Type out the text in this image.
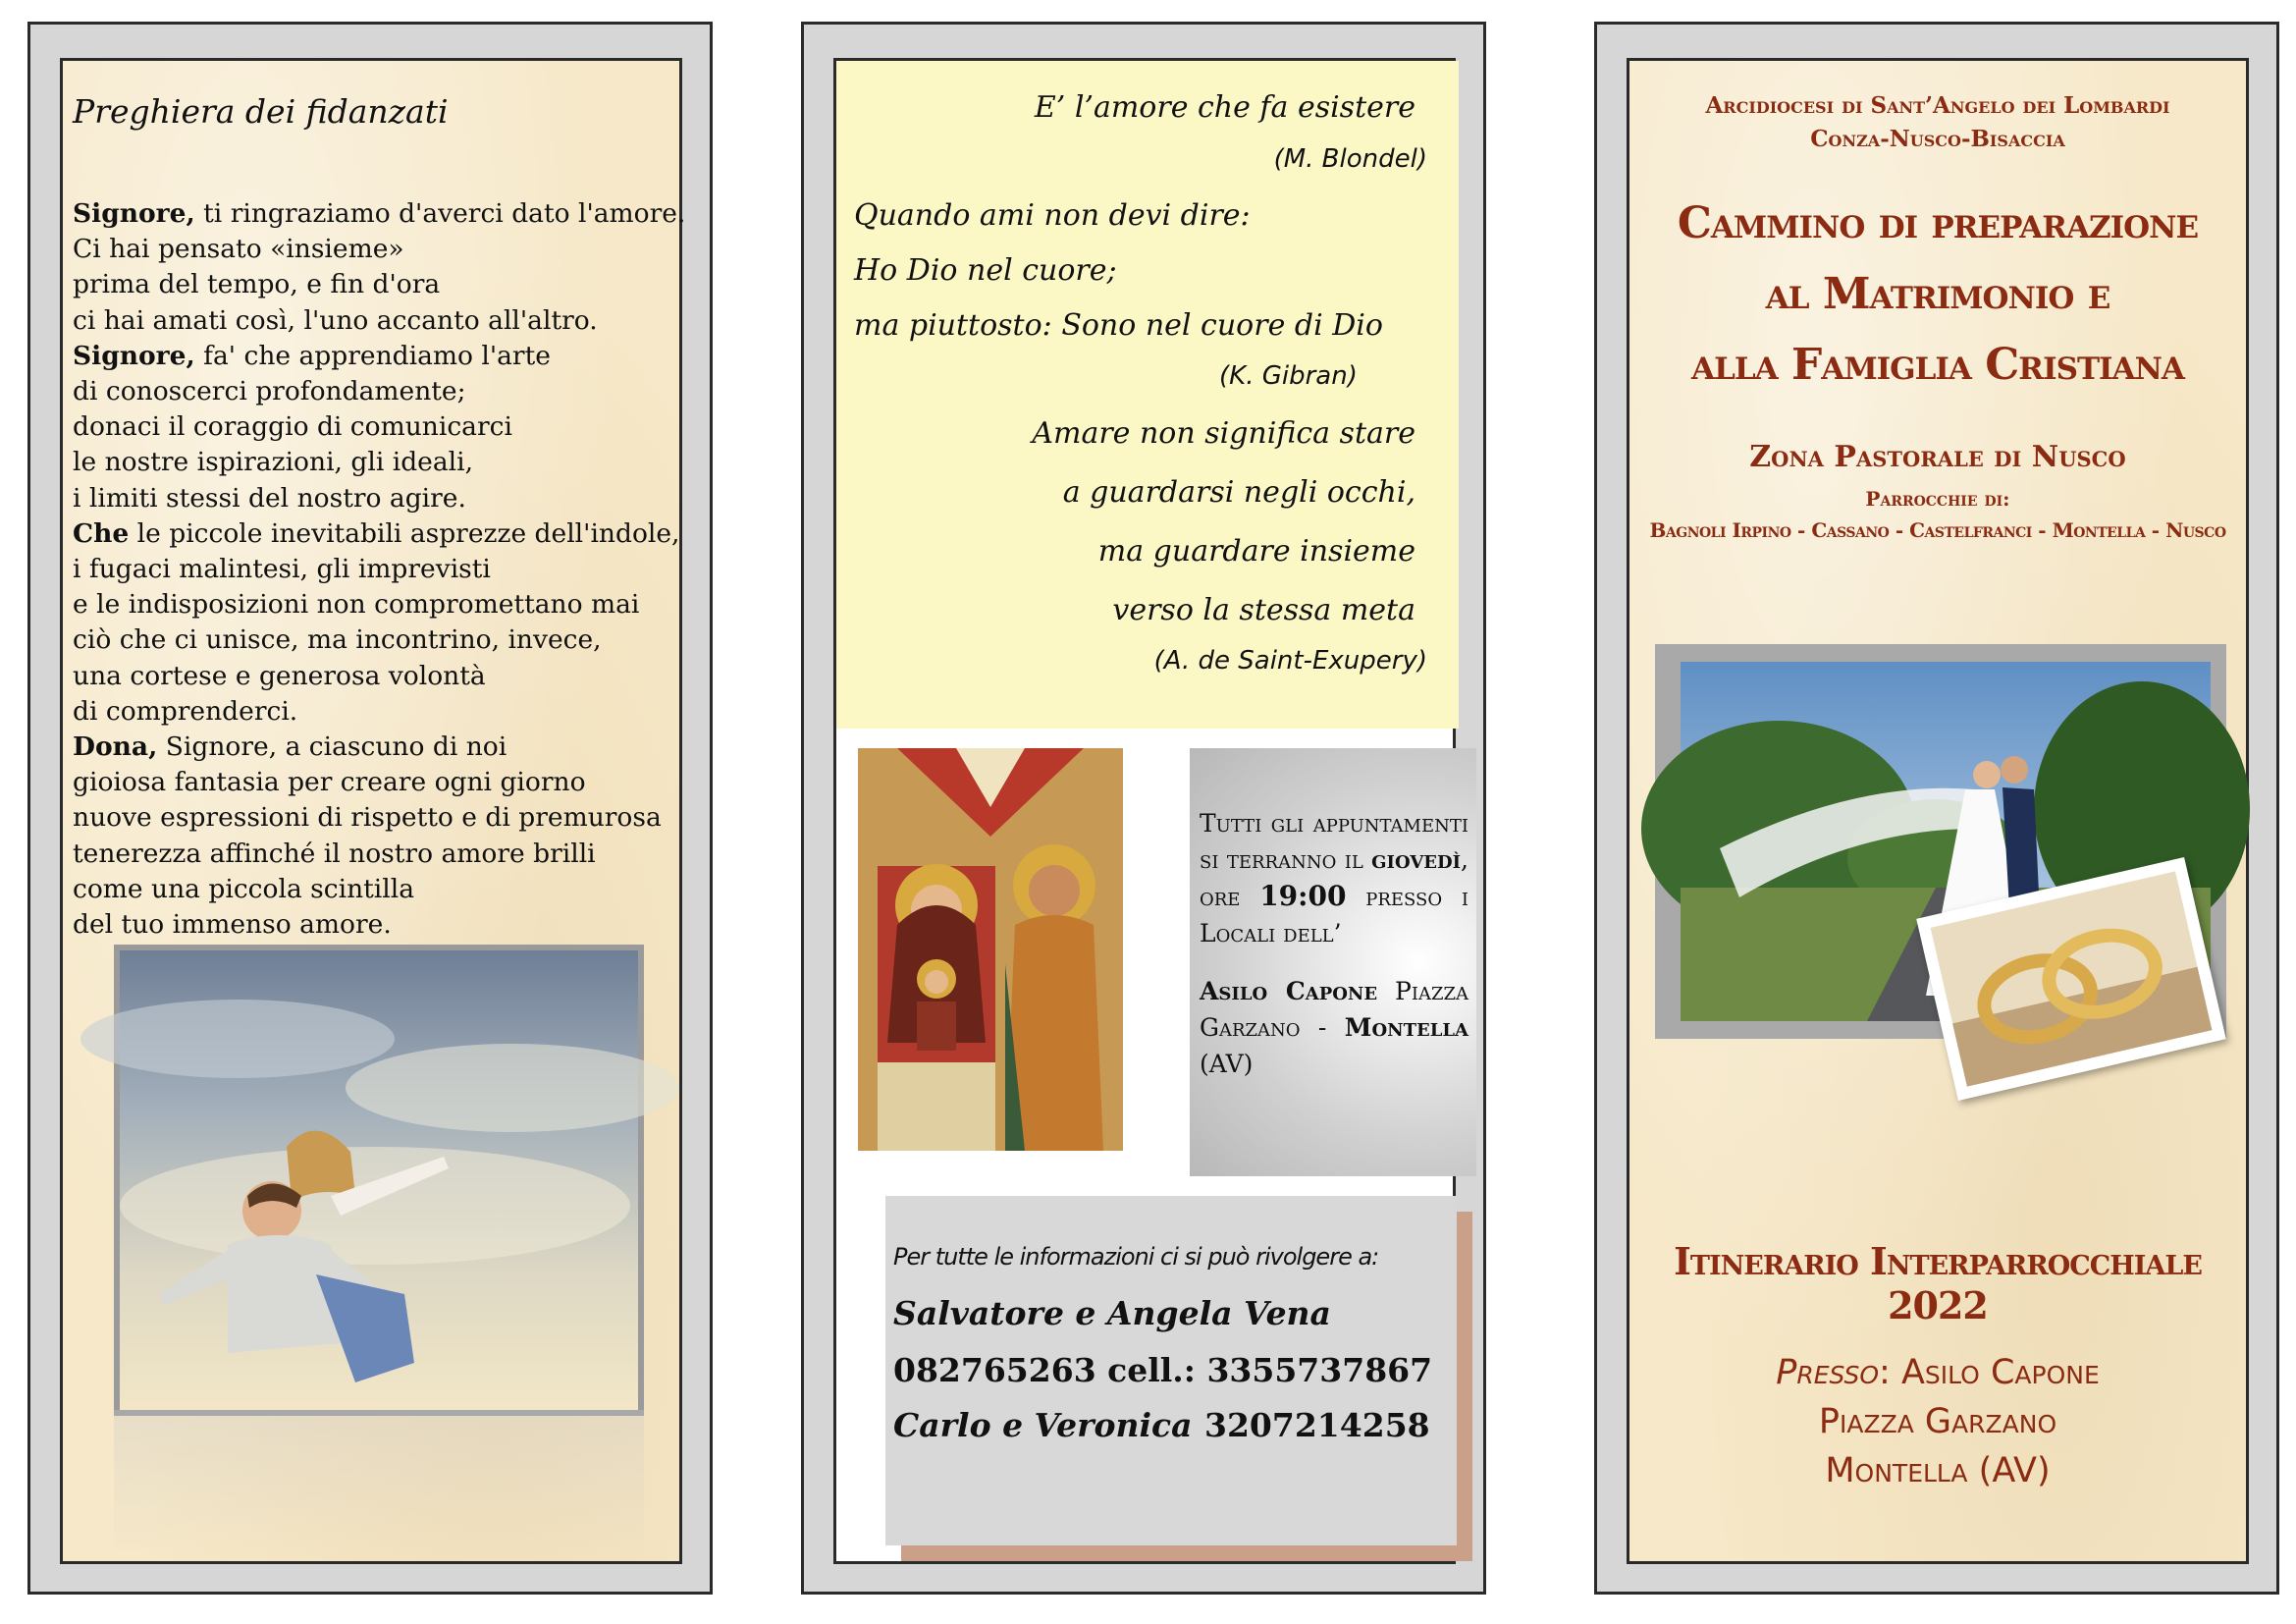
Preghiera dei fidanzati
Signore, ti ringraziamo d'averci dato l'amore.
Ci hai pensato «insieme»
prima del tempo, e fin d'ora
ci hai amati così, l'uno accanto all'altro.
Signore, fa' che apprendiamo l'arte
di conoscerci profondamente;
donaci il coraggio di comunicarci
le nostre ispirazioni, gli ideali,
i limiti stessi del nostro agire.
Che le piccole inevitabili asprezze dell'indole,
i fugaci malintesi, gli imprevisti
e le indisposizioni non compromettano mai
ciò che ci unisce, ma incontrino, invece,
una cortese e generosa volontà
di comprenderci.
Dona, Signore, a ciascuno di noi
gioiosa fantasia per creare ogni giorno
nuove espressioni di rispetto e di premurosa
tenerezza affinché il nostro amore brilli
come una piccola scintilla
del tuo immenso amore.
E’ l’amore che fa esistere
(M. Blondel)
Quando ami non devi dire:
Ho Dio nel cuore;
ma piuttosto: Sono nel cuore di Dio
(K. Gibran)
Amare non significa stare
a guardarsi negli occhi,
ma guardare insieme
verso la stessa meta
(A. de Saint-Exupery)
Tutti gli appuntamenti si terranno il giovedì, ore 19:00 presso i Locali dell’
Asilo Capone Piazza Garzano - Montella (AV)
Per tutte le informazioni ci si può rivolgere a:
Salvatore e Angela Vena
082765263 cell.: 3355737867
Carlo e Veronica 3207214258
Arcidiocesi di Sant’Angelo dei Lombardi
Conza-Nusco-Bisaccia
Cammino di preparazione
al Matrimonio e
alla Famiglia Cristiana
Zona Pastorale di Nusco
Parrocchie di:
Bagnoli Irpino - Cassano - Castelfranci - Montella - Nusco
Itinerario Interparrocchiale 2022
Presso: Asilo Capone
Piazza Garzano
Montella (AV)
